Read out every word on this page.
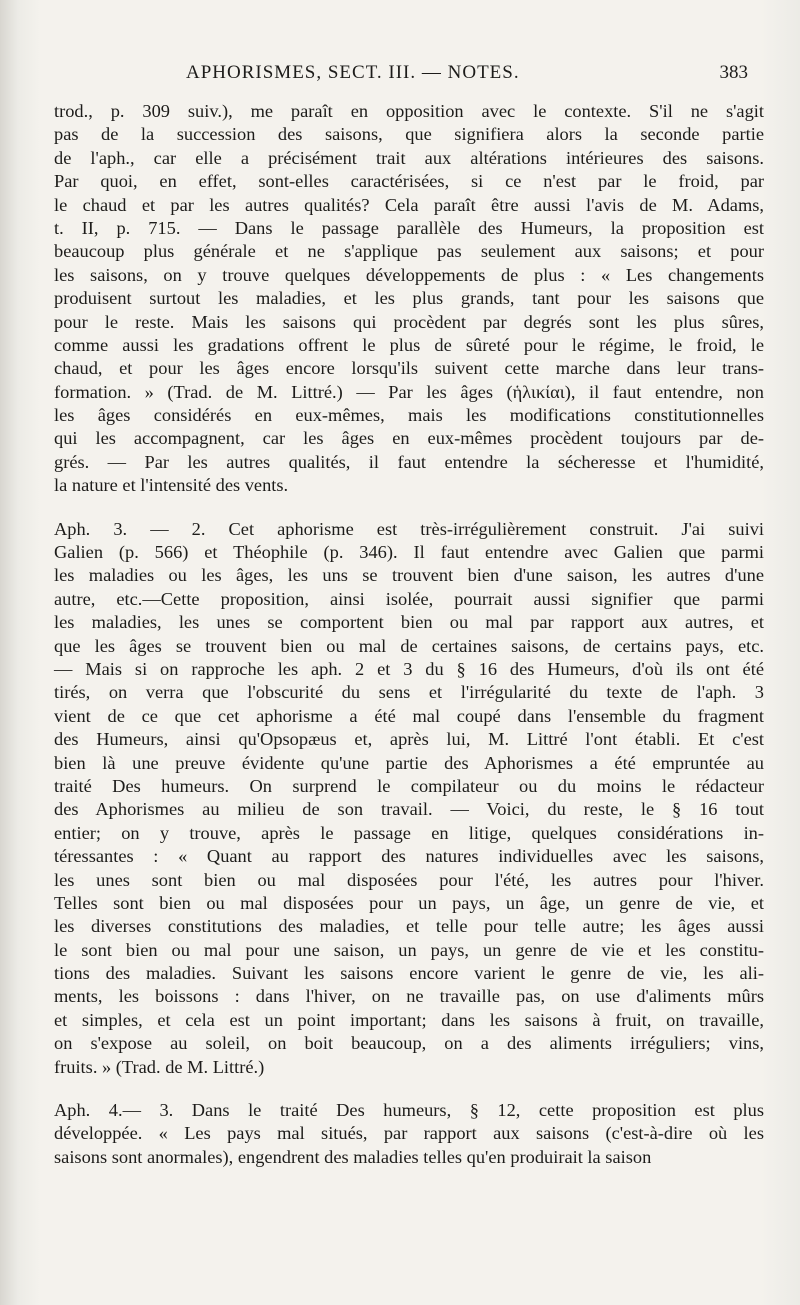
APHORISMES, SECT. III. — NOTES.	383
trod., p. 309 suiv.), me paraît en opposition avec le contexte. S'il ne s'agit
pas de la succession des saisons, que signifiera alors la seconde partie
de l'aph., car elle a précisément trait aux altérations intérieures des saisons.
Par quoi, en effet, sont-elles caractérisées, si ce n'est par le froid, par
le chaud et par les autres qualités? Cela paraît être aussi l'avis de M. Adams,
t. II, p. 715. — Dans le passage parallèle des Humeurs, la proposition est
beaucoup plus générale et ne s'applique pas seulement aux saisons; et pour
les saisons, on y trouve quelques développements de plus : « Les changements
produisent surtout les maladies, et les plus grands, tant pour les saisons que
pour le reste. Mais les saisons qui procèdent par degrés sont les plus sûres,
comme aussi les gradations offrent le plus de sûreté pour le régime, le froid, le
chaud, et pour les âges encore lorsqu'ils suivent cette marche dans leur trans-
formation. » (Trad. de M. Littré.) — Par les âges (ἡλικίαι), il faut entendre, non
les âges considérés en eux-mêmes, mais les modifications constitutionnelles
qui les accompagnent, car les âges en eux-mêmes procèdent toujours par de-
grés. — Par les autres qualités, il faut entendre la sécheresse et l'humidité,
la nature et l'intensité des vents.
Aph. 3. — 2. Cet aphorisme est très-irrégulièrement construit. J'ai suivi
Galien (p. 566) et Théophile (p. 346). Il faut entendre avec Galien que parmi
les maladies ou les âges, les uns se trouvent bien d'une saison, les autres d'une
autre, etc.—Cette proposition, ainsi isolée, pourrait aussi signifier que parmi
les maladies, les unes se comportent bien ou mal par rapport aux autres, et
que les âges se trouvent bien ou mal de certaines saisons, de certains pays, etc.
— Mais si on rapproche les aph. 2 et 3 du § 16 des Humeurs, d'où ils ont été
tirés, on verra que l'obscurité du sens et l'irrégularité du texte de l'aph. 3
vient de ce que cet aphorisme a été mal coupé dans l'ensemble du fragment
des Humeurs, ainsi qu'Opsopæus et, après lui, M. Littré l'ont établi. Et c'est
bien là une preuve évidente qu'une partie des Aphorismes a été empruntée au
traité Des humeurs. On surprend le compilateur ou du moins le rédacteur
des Aphorismes au milieu de son travail. — Voici, du reste, le § 16 tout
entier; on y trouve, après le passage en litige, quelques considérations in-
téressantes : « Quant au rapport des natures individuelles avec les saisons,
les unes sont bien ou mal disposées pour l'été, les autres pour l'hiver.
Telles sont bien ou mal disposées pour un pays, un âge, un genre de vie, et
les diverses constitutions des maladies, et telle pour telle autre; les âges aussi
le sont bien ou mal pour une saison, un pays, un genre de vie et les constitu-
tions des maladies. Suivant les saisons encore varient le genre de vie, les ali-
ments, les boissons : dans l'hiver, on ne travaille pas, on use d'aliments mûrs
et simples, et cela est un point important; dans les saisons à fruit, on travaille,
on s'expose au soleil, on boit beaucoup, on a des aliments irréguliers; vins,
fruits. » (Trad. de M. Littré.)
Aph. 4.— 3. Dans le traité Des humeurs, § 12, cette proposition est plus
développée. « Les pays mal situés, par rapport aux saisons (c'est-à-dire où les
saisons sont anormales), engendrent des maladies telles qu'en produirait la saison
